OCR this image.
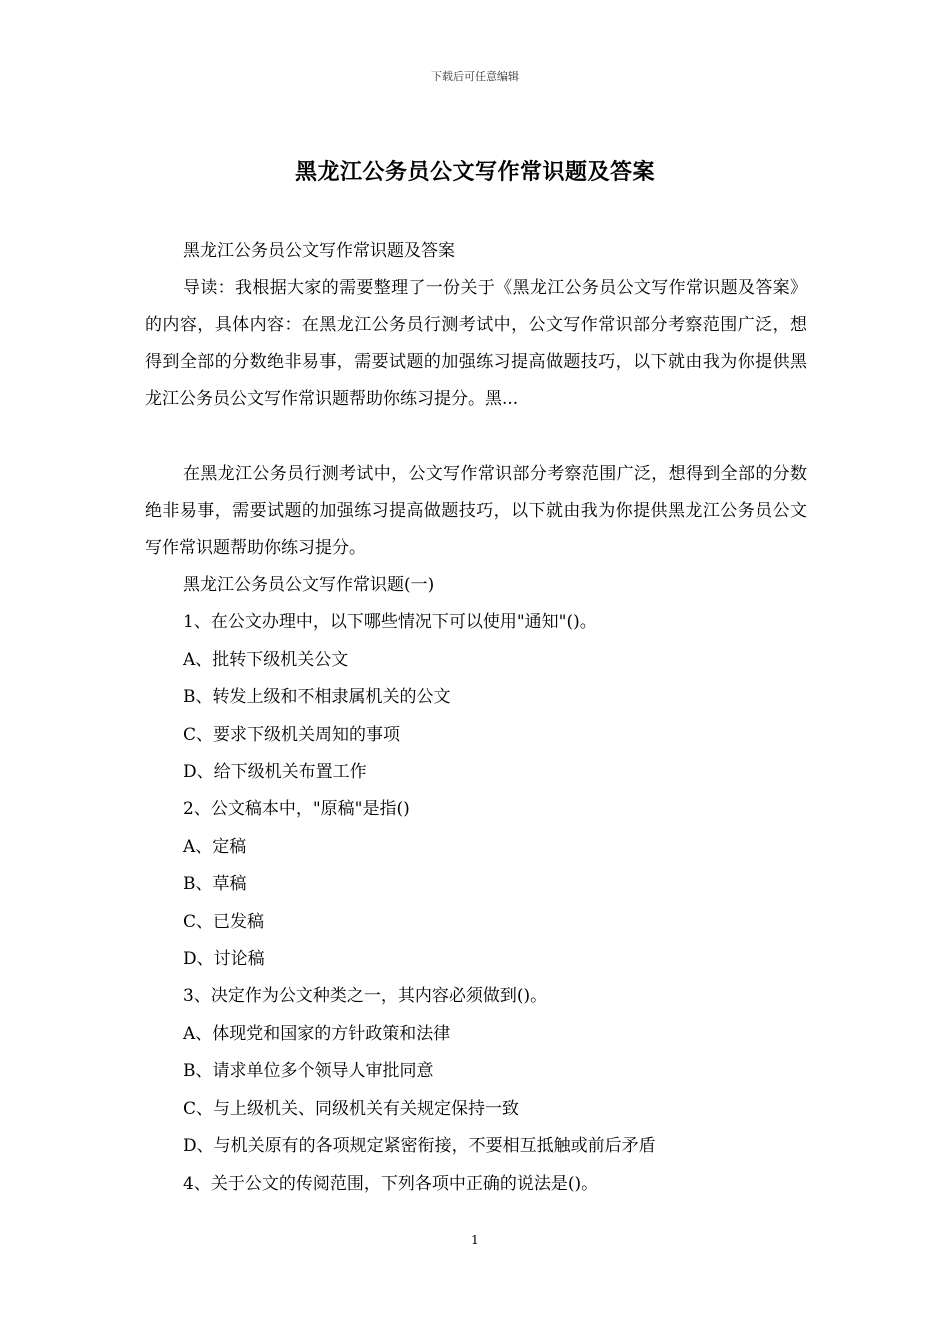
下载后可任意编辑
黑龙江公务员公文写作常识题及答案
黑龙江公务员公文写作常识题及答案

导读：我根据大家的需要整理了一份关于《黑龙江公务员公文写作常识题及答案》的内容，具体内容：在黑龙江公务员行测考试中，公文写作常识部分考察范围广泛，想得到全部的分数绝非易事，需要试题的加强练习提高做题技巧，以下就由我为你提供黑龙江公务员公文写作常识题帮助你练习提分。黑...

在黑龙江公务员行测考试中，公文写作常识部分考察范围广泛，想得到全部的分数绝非易事，需要试题的加强练习提高做题技巧，以下就由我为你提供黑龙江公务员公文写作常识题帮助你练习提分。

黑龙江公务员公文写作常识题(一)
1、在公文办理中，以下哪些情况下可以使用"通知"()。
A、批转下级机关公文
B、转发上级和不相隶属机关的公文
C、要求下级机关周知的事项
D、给下级机关布置工作
2、公文稿本中，"原稿"是指()
A、定稿
B、草稿
C、已发稿
D、讨论稿
3、决定作为公文种类之一，其内容必须做到()。
A、体现党和国家的方针政策和法律
B、请求单位多个领导人审批同意
C、与上级机关、同级机关有关规定保持一致
D、与机关原有的各项规定紧密衔接，不要相互抵触或前后矛盾
4、关于公文的传阅范围，下列各项中正确的说法是()。
1
